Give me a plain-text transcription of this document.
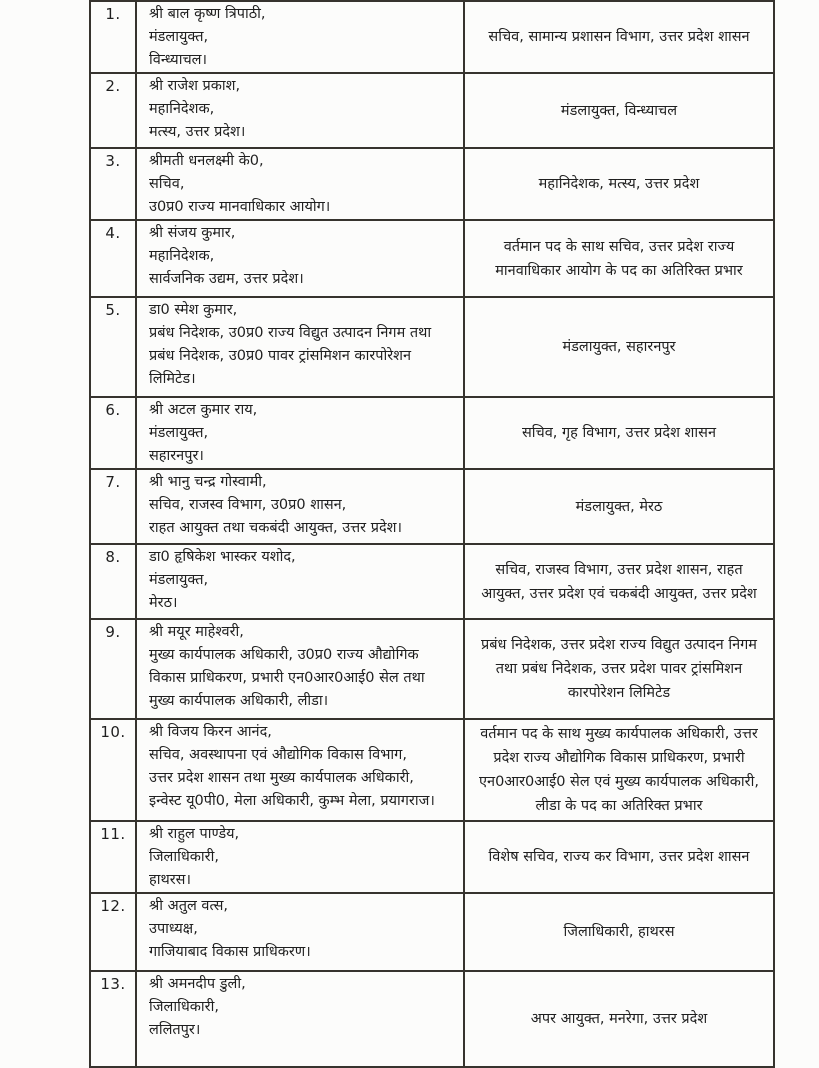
1.	श्री बाल कृष्ण त्रिपाठी,
मंडलायुक्त,
विन्ध्याचल।	सचिव, सामान्य प्रशासन विभाग, उत्तर प्रदेश शासन
2.	श्री राजेश प्रकाश,
महानिदेशक,
मत्स्य, उत्तर प्रदेश।	मंडलायुक्त, विन्ध्याचल
3.	श्रीमती धनलक्ष्मी के0,
सचिव,
उ0प्र0 राज्य मानवाधिकार आयोग।	महानिदेशक, मत्स्य, उत्तर प्रदेश
4.	श्री संजय कुमार,
महानिदेशक,
सार्वजनिक उद्यम, उत्तर प्रदेश।	वर्तमान पद के साथ सचिव, उत्तर प्रदेश राज्य मानवाधिकार आयोग के पद का अतिरिक्त प्रभार
5.	डा0 स्मेश कुमार,
प्रबंध निदेशक, उ0प्र0 राज्य विद्युत उत्पादन निगम तथा
प्रबंध निदेशक, उ0प्र0 पावर ट्रांसमिशन कारपोरेशन
लिमिटेड।	मंडलायुक्त, सहारनपुर
6.	श्री अटल कुमार राय,
मंडलायुक्त,
सहारनपुर।	सचिव, गृह विभाग, उत्तर प्रदेश शासन
7.	श्री भानु चन्द्र गोस्वामी,
सचिव, राजस्व विभाग, उ0प्र0 शासन,
राहत आयुक्त तथा चकबंदी आयुक्त, उत्तर प्रदेश।	मंडलायुक्त, मेरठ
8.	डा0 हृषिकेश भास्कर यशोद,
मंडलायुक्त,
मेरठ।	सचिव, राजस्व विभाग, उत्तर प्रदेश शासन, राहत आयुक्त, उत्तर प्रदेश एवं चकबंदी आयुक्त, उत्तर प्रदेश
9.	श्री मयूर माहेश्वरी,
मुख्य कार्यपालक अधिकारी, उ0प्र0 राज्य औद्योगिक
विकास प्राधिकरण, प्रभारी एन0आर0आई0 सेल तथा
मुख्य कार्यपालक अधिकारी, लीडा।	प्रबंध निदेशक, उत्तर प्रदेश राज्य विद्युत उत्पादन निगम तथा प्रबंध निदेशक, उत्तर प्रदेश पावर ट्रांसमिशन कारपोरेशन लिमिटेड
10.	श्री विजय किरन आनंद,
सचिव, अवस्थापना एवं औद्योगिक विकास विभाग,
उत्तर प्रदेश शासन तथा मुख्य कार्यपालक अधिकारी,
इन्वेस्ट यू0पी0, मेला अधिकारी, कुम्भ मेला, प्रयागराज।	वर्तमान पद के साथ मुख्य कार्यपालक अधिकारी, उत्तर प्रदेश राज्य औद्योगिक विकास प्राधिकरण, प्रभारी एन0आर0आई0 सेल एवं मुख्य कार्यपालक अधिकारी, लीडा के पद का अतिरिक्त प्रभार
11.	श्री राहुल पाण्डेय,
जिलाधिकारी,
हाथरस।	विशेष सचिव, राज्य कर विभाग, उत्तर प्रदेश शासन
12.	श्री अतुल वत्स,
उपाध्यक्ष,
गाजियाबाद विकास प्राधिकरण।	जिलाधिकारी, हाथरस
13.	श्री अमनदीप डुली,
जिलाधिकारी,
ललितपुर।	अपर आयुक्त, मनरेगा, उत्तर प्रदेश
